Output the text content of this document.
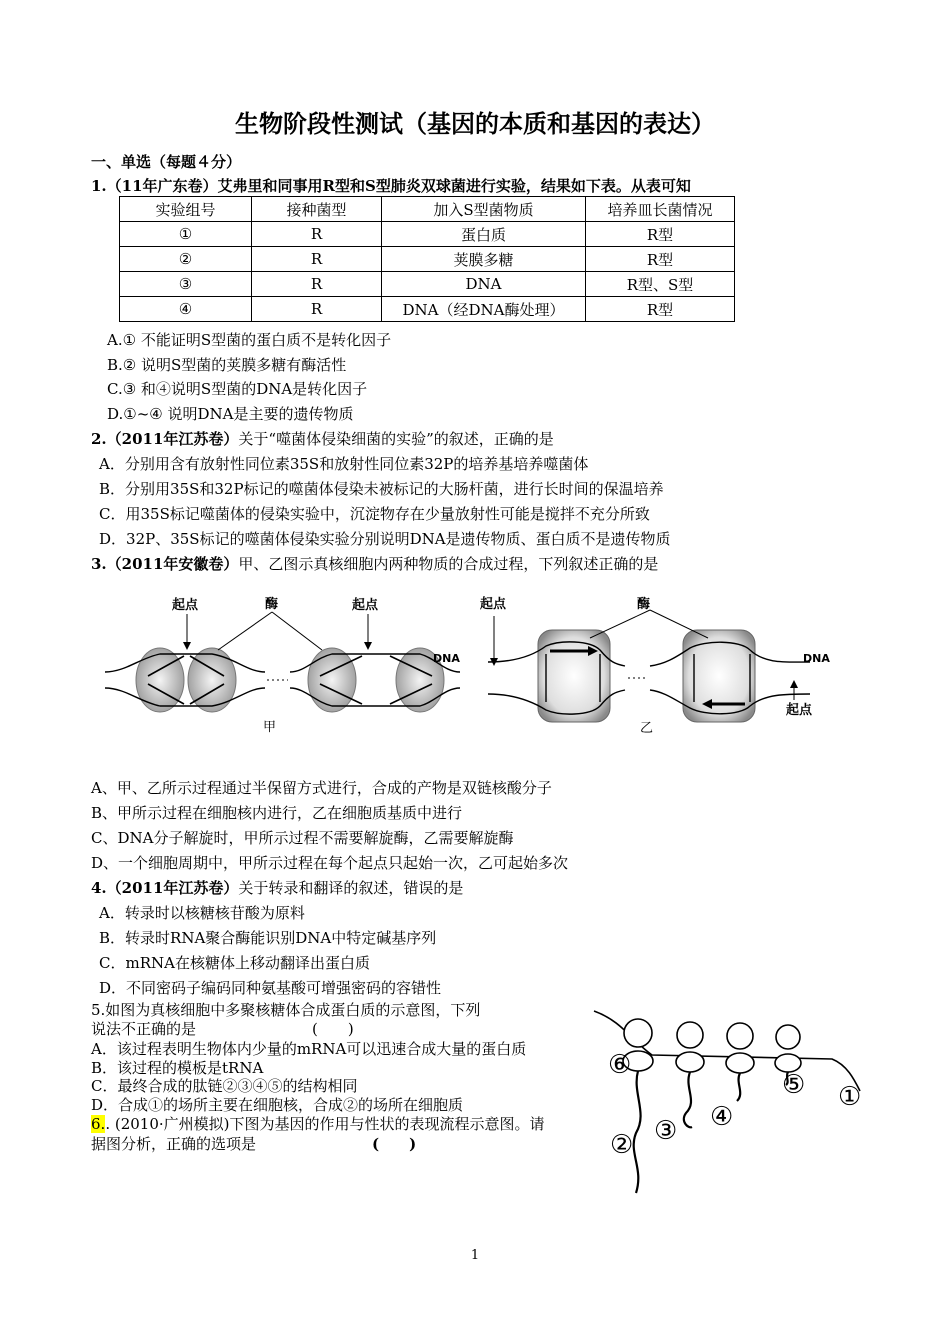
生物阶段性测试（基因的本质和基因的表达）
一、单选（每题４分）
1.（11年广东卷）艾弗里和同事用R型和S型肺炎双球菌进行实验，结果如下表。从表可知
实验组号	接种菌型	加入S型菌物质	培养皿长菌情况
①	R	蛋白质	R型
②	R	荚膜多糖	R型
③	R	DNA	R型、S型
④	R	DNA（经DNA酶处理）	R型
A.① 不能证明S型菌的蛋白质不是转化因子
B.② 说明S型菌的荚膜多糖有酶活性
C.③ 和④说明S型菌的DNA是转化因子
D.①~④ 说明DNA是主要的遗传物质
2.（2011年江苏卷）关于“噬菌体侵染细菌的实验”的叙述，正确的是
A．分别用含有放射性同位素35S和放射性同位素32P的培养基培养噬菌体
B．分别用35S和32P标记的噬菌体侵染未被标记的大肠杆菌，进行长时间的保温培养
C．用35S标记噬菌体的侵染实验中，沉淀物存在少量放射性可能是搅拌不充分所致
D．32P、35S标记的噬菌体侵染实验分别说明DNA是遗传物质、蛋白质不是遗传物质
3.（2011年安徽卷）甲、乙图示真核细胞内两种物质的合成过程，下列叙述正确的是
起点	酶	起点
DNA
甲
起点	酶
DNA
起点
乙
A、甲、乙所示过程通过半保留方式进行，合成的产物是双链核酸分子
B、甲所示过程在细胞核内进行，乙在细胞质基质中进行
C、DNA分子解旋时，甲所示过程不需要解旋酶，乙需要解旋酶
D、一个细胞周期中，甲所示过程在每个起点只起始一次，乙可起始多次
4.（2011年江苏卷）关于转录和翻译的叙述，错误的是
A．转录时以核糖核苷酸为原料
B．转录时RNA聚合酶能识别DNA中特定碱基序列
C．mRNA在核糖体上移动翻译出蛋白质
D．不同密码子编码同种氨基酸可增强密码的容错性
5.如图为真核细胞中多聚核糖体合成蛋白质的示意图，下列
说法不正确的是	(　　)
A．该过程表明生物体内少量的mRNA可以迅速合成大量的蛋白质
B．该过程的模板是tRNA
C．最终合成的肽链②③④⑤的结构相同
D．合成①的场所主要在细胞核，合成②的场所在细胞质
⑥
② ③ ④
⑤ ①
6.. (2010·广州模拟)下图为基因的作用与性状的表现流程示意图。请
据图分析，正确的选项是	(　　)
1
